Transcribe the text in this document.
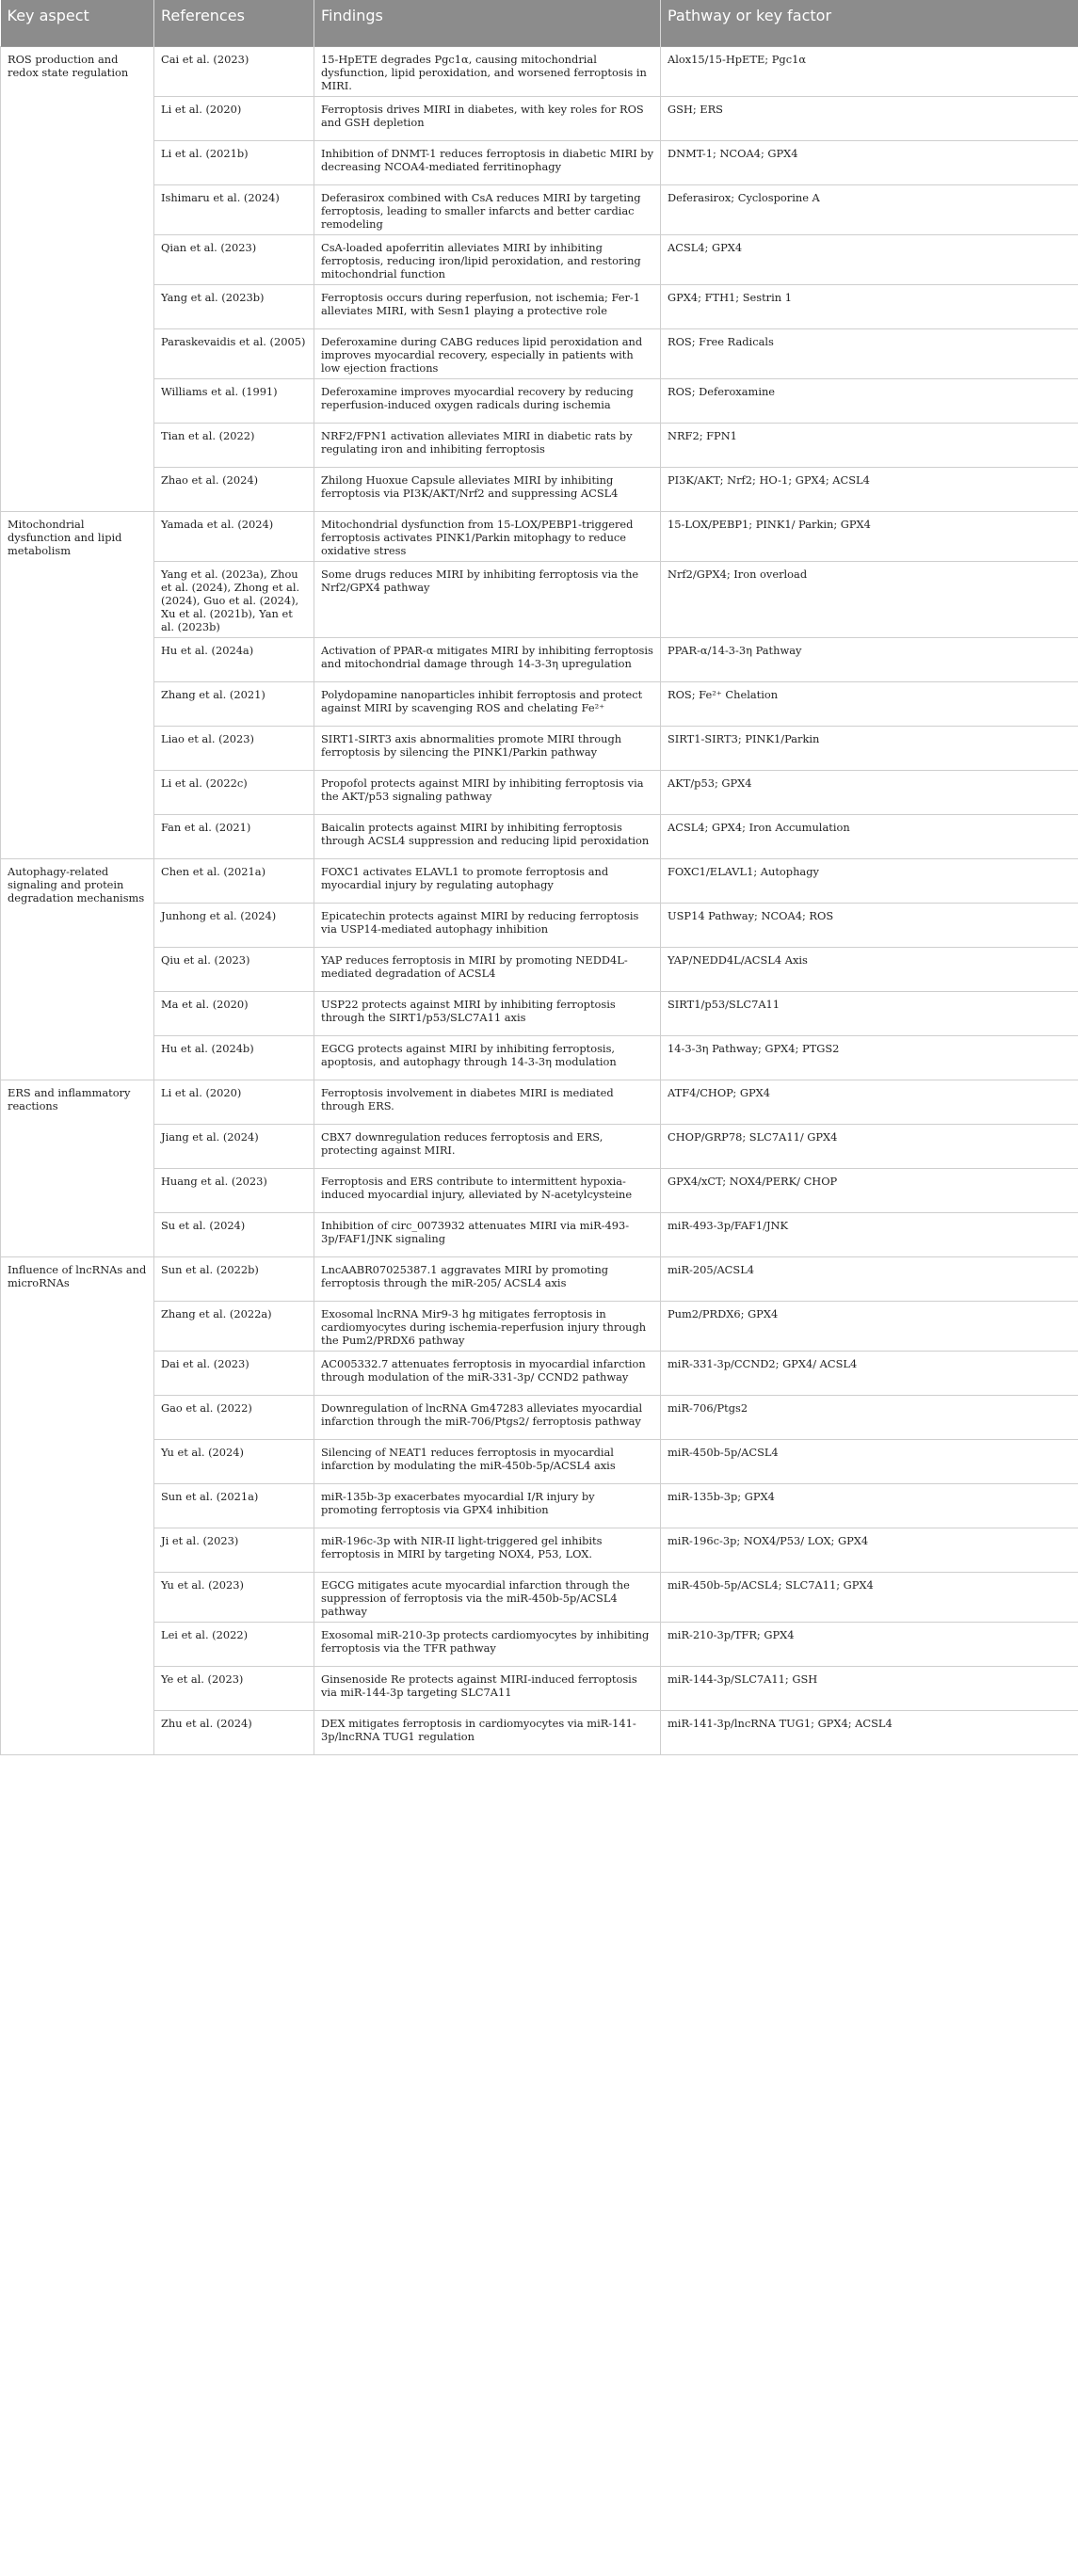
Key aspect	References	Findings	Pathway or key factor
ROS production and redox state regulation	Cai et al. (2023)	15-HpETE degrades Pgc1α, causing mitochondrial dysfunction, lipid peroxidation, and worsened ferroptosis in MIRI.	Alox15/15-HpETE; Pgc1α
	Li et al. (2020)	Ferroptosis drives MIRI in diabetes, with key roles for ROS and GSH depletion	GSH; ERS
	Li et al. (2021b)	Inhibition of DNMT-1 reduces ferroptosis in diabetic MIRI by decreasing NCOA4-mediated ferritinophagy	DNMT-1; NCOA4; GPX4
	Ishimaru et al. (2024)	Deferasirox combined with CsA reduces MIRI by targeting ferroptosis, leading to smaller infarcts and better cardiac remodeling	Deferasirox; Cyclosporine A
	Qian et al. (2023)	CsA-loaded apoferritin alleviates MIRI by inhibiting ferroptosis, reducing iron/lipid peroxidation, and restoring mitochondrial function	ACSL4; GPX4
	Yang et al. (2023b)	Ferroptosis occurs during reperfusion, not ischemia; Fer-1 alleviates MIRI, with Sesn1 playing a protective role	GPX4; FTH1; Sestrin 1
	Paraskevaidis et al. (2005)	Deferoxamine during CABG reduces lipid peroxidation and improves myocardial recovery, especially in patients with low ejection fractions	ROS; Free Radicals
	Williams et al. (1991)	Deferoxamine improves myocardial recovery by reducing reperfusion-induced oxygen radicals during ischemia	ROS; Deferoxamine
	Tian et al. (2022)	NRF2/FPN1 activation alleviates MIRI in diabetic rats by regulating iron and inhibiting ferroptosis	NRF2; FPN1
	Zhao et al. (2024)	Zhilong Huoxue Capsule alleviates MIRI by inhibiting ferroptosis via PI3K/AKT/Nrf2 and suppressing ACSL4	PI3K/AKT; Nrf2; HO-1; GPX4; ACSL4
Mitochondrial dysfunction and lipid metabolism	Yamada et al. (2024)	Mitochondrial dysfunction from 15-LOX/PEBP1-triggered ferroptosis activates PINK1/Parkin mitophagy to reduce oxidative stress	15-LOX/PEBP1; PINK1/ Parkin; GPX4
	Yang et al. (2023a), Zhou et al. (2024), Zhong et al. (2024), Guo et al. (2024), Xu et al. (2021b), Yan et al. (2023b)	Some drugs reduces MIRI by inhibiting ferroptosis via the Nrf2/GPX4 pathway	Nrf2/GPX4; Iron overload
	Hu et al. (2024a)	Activation of PPAR-α mitigates MIRI by inhibiting ferroptosis and mitochondrial damage through 14-3-3η upregulation	PPAR-α/14-3-3η Pathway
	Zhang et al. (2021)	Polydopamine nanoparticles inhibit ferroptosis and protect against MIRI by scavenging ROS and chelating Fe²⁺	ROS; Fe²⁺ Chelation
	Liao et al. (2023)	SIRT1-SIRT3 axis abnormalities promote MIRI through ferroptosis by silencing the PINK1/Parkin pathway	SIRT1-SIRT3; PINK1/Parkin
	Li et al. (2022c)	Propofol protects against MIRI by inhibiting ferroptosis via the AKT/p53 signaling pathway	AKT/p53; GPX4
	Fan et al. (2021)	Baicalin protects against MIRI by inhibiting ferroptosis through ACSL4 suppression and reducing lipid peroxidation	ACSL4; GPX4; Iron Accumulation
Autophagy-related signaling and protein degradation mechanisms	Chen et al. (2021a)	FOXC1 activates ELAVL1 to promote ferroptosis and myocardial injury by regulating autophagy	FOXC1/ELAVL1; Autophagy
	Junhong et al. (2024)	Epicatechin protects against MIRI by reducing ferroptosis via USP14-mediated autophagy inhibition	USP14 Pathway; NCOA4; ROS
	Qiu et al. (2023)	YAP reduces ferroptosis in MIRI by promoting NEDD4L-mediated degradation of ACSL4	YAP/NEDD4L/ACSL4 Axis
	Ma et al. (2020)	USP22 protects against MIRI by inhibiting ferroptosis through the SIRT1/p53/SLC7A11 axis	SIRT1/p53/SLC7A11
	Hu et al. (2024b)	EGCG protects against MIRI by inhibiting ferroptosis, apoptosis, and autophagy through 14-3-3η modulation	14-3-3η Pathway; GPX4; PTGS2
ERS and inflammatory reactions	Li et al. (2020)	Ferroptosis involvement in diabetes MIRI is mediated through ERS.	ATF4/CHOP; GPX4
	Jiang et al. (2024)	CBX7 downregulation reduces ferroptosis and ERS, protecting against MIRI.	CHOP/GRP78; SLC7A11/ GPX4
	Huang et al. (2023)	Ferroptosis and ERS contribute to intermittent hypoxia-induced myocardial injury, alleviated by N-acetylcysteine	GPX4/xCT; NOX4/PERK/ CHOP
	Su et al. (2024)	Inhibition of circ_0073932 attenuates MIRI via miR-493-3p/FAF1/JNK signaling	miR-493-3p/FAF1/JNK
Influence of lncRNAs and microRNAs	Sun et al. (2022b)	LncAABR07025387.1 aggravates MIRI by promoting ferroptosis through the miR-205/ ACSL4 axis	miR-205/ACSL4
	Zhang et al. (2022a)	Exosomal lncRNA Mir9-3 hg mitigates ferroptosis in cardiomyocytes during ischemia-reperfusion injury through the Pum2/PRDX6 pathway	Pum2/PRDX6; GPX4
	Dai et al. (2023)	AC005332.7 attenuates ferroptosis in myocardial infarction through modulation of the miR-331-3p/ CCND2 pathway	miR-331-3p/CCND2; GPX4/ ACSL4
	Gao et al. (2022)	Downregulation of lncRNA Gm47283 alleviates myocardial infarction through the miR-706/Ptgs2/ ferroptosis pathway	miR-706/Ptgs2
	Yu et al. (2024)	Silencing of NEAT1 reduces ferroptosis in myocardial infarction by modulating the miR-450b-5p/ACSL4 axis	miR-450b-5p/ACSL4
	Sun et al. (2021a)	miR-135b-3p exacerbates myocardial I/R injury by promoting ferroptosis via GPX4 inhibition	miR-135b-3p; GPX4
	Ji et al. (2023)	miR-196c-3p with NIR-II light-triggered gel inhibits ferroptosis in MIRI by targeting NOX4, P53, LOX.	miR-196c-3p; NOX4/P53/ LOX; GPX4
	Yu et al. (2023)	EGCG mitigates acute myocardial infarction through the suppression of ferroptosis via the miR-450b-5p/ACSL4 pathway	miR-450b-5p/ACSL4; SLC7A11; GPX4
	Lei et al. (2022)	Exosomal miR-210-3p protects cardiomyocytes by inhibiting ferroptosis via the TFR pathway	miR-210-3p/TFR; GPX4
	Ye et al. (2023)	Ginsenoside Re protects against MIRI-induced ferroptosis via miR-144-3p targeting SLC7A11	miR-144-3p/SLC7A11; GSH
	Zhu et al. (2024)	DEX mitigates ferroptosis in cardiomyocytes via miR-141-3p/lncRNA TUG1 regulation	miR-141-3p/lncRNA TUG1; GPX4; ACSL4
